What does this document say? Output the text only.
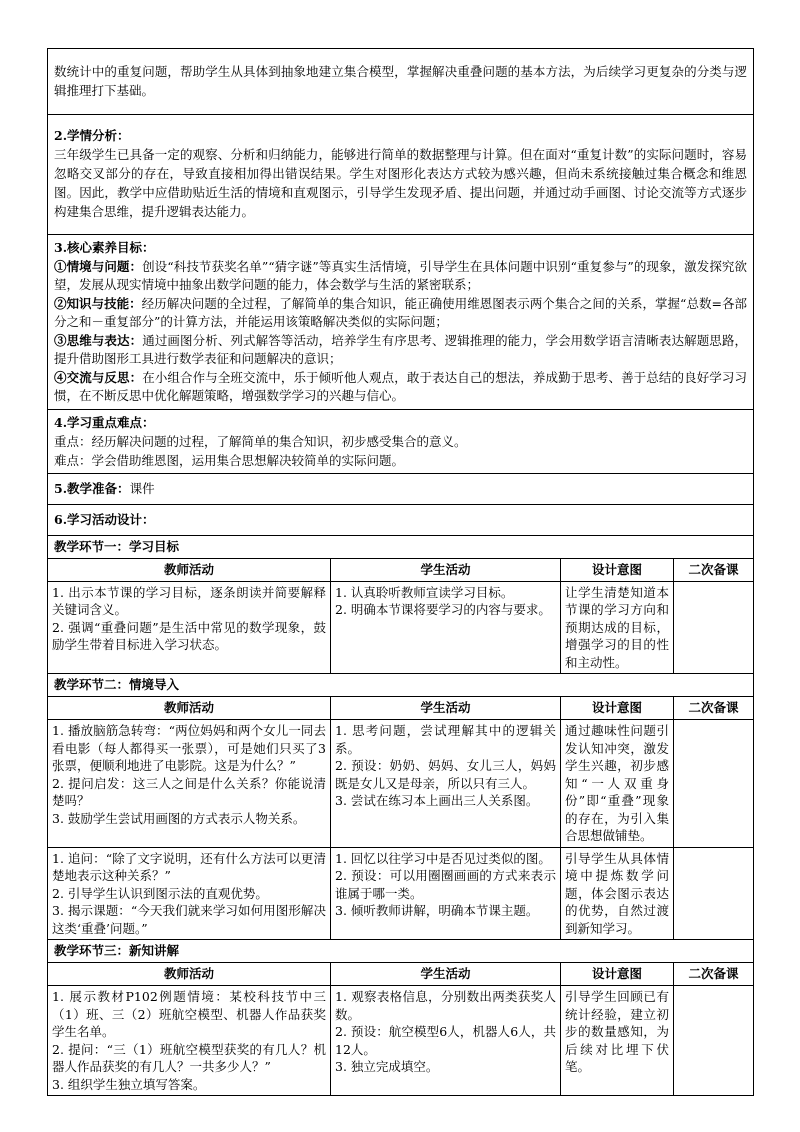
数统计中的重复问题，帮助学生从具体到抽象地建立集合模型，掌握解决重叠问题的基本方法，为后续学习更复杂的分类与逻辑推理打下基础。			

2.学情分析：
三年级学生已具备一定的观察、分析和归纳能力，能够进行简单的数据整理与计算。但在面对“重复计数”的实际问题时，容易忽略交叉部分的存在，导致直接相加得出错误结果。学生对图形化表达方式较为感兴趣，但尚未系统接触过集合概念和维恩图。因此，教学中应借助贴近生活的情境和直观图示，引导学生发现矛盾、提出问题，并通过动手画图、讨论交流等方式逐步构建集合思维，提升逻辑表达能力。			

3.核心素养目标：
①情境与问题：创设“科技节获奖名单”“猜字谜”等真实生活情境，引导学生在具体问题中识别“重复参与”的现象，激发探究欲望，发展从现实情境中抽象出数学问题的能力，体会数学与生活的紧密联系；
②知识与技能：经历解决问题的全过程，了解简单的集合知识，能正确使用维恩图表示两个集合之间的关系，掌握“总数=各部分之和－重复部分”的计算方法，并能运用该策略解决类似的实际问题；
③思维与表达：通过画图分析、列式解答等活动，培养学生有序思考、逻辑推理的能力，学会用数学语言清晰表达解题思路，提升借助图形工具进行数学表征和问题解决的意识；
④交流与反思：在小组合作与全班交流中，乐于倾听他人观点，敢于表达自己的想法，养成勤于思考、善于总结的良好学习习惯，在不断反思中优化解题策略，增强数学学习的兴趣与信心。			

4.学习重点难点：
重点：经历解决问题的过程，了解简单的集合知识，初步感受集合的意义。
难点：学会借助维恩图，运用集合思想解决较简单的实际问题。			

5.教学准备：课件			
6.学习活动设计：			
教学环节一：学习目标			
教师活动	学生活动	设计意图	二次备课

1. 出示本节课的学习目标，逐条朗读并简要解释关键词含义。
2. 强调“重叠问题”是生活中常见的数学现象，鼓励学生带着目标进入学习状态。	1. 认真聆听教师宣读学习目标。
2. 明确本节课将要学习的内容与要求。	让学生清楚知道本节课的学习方向和预期达成的目标，增强学习的目的性和主动性。	
教学环节二：情境导入			
教师活动	学生活动	设计意图	二次备课

1. 播放脑筋急转弯：“两位妈妈和两个女儿一同去看电影（每人都得买一张票），可是她们只买了3张票，便顺利地进了电影院。这是为什么？”
2. 提问启发：这三人之间是什么关系？你能说清楚吗？
3. 鼓励学生尝试用画图的方式表示人物关系。	1. 思考问题，尝试理解其中的逻辑关系。
2. 预设：奶奶、妈妈、女儿三人，妈妈既是女儿又是母亲，所以只有三人。
3. 尝试在练习本上画出三人关系图。	通过趣味性问题引发认知冲突，激发学生兴趣，初步感知“一人双重身份”即“重叠”现象的存在，为引入集合思想做铺垫。	

1. 追问：“除了文字说明，还有什么方法可以更清楚地表示这种关系？”
2. 引导学生认识到图示法的直观优势。
3. 揭示课题：“今天我们就来学习如何用图形解决这类‘重叠’问题。”	1. 回忆以往学习中是否见过类似的图。
2. 预设：可以用圈圈画画的方式来表示谁属于哪一类。
3. 倾听教师讲解，明确本节课主题。	引导学生从具体情境中提炼数学问题，体会图示表达的优势，自然过渡到新知学习。	
教学环节三：新知讲解			
教师活动	学生活动	设计意图	二次备课

1. 展示教材P102例题情境：某校科技节中三（1）班、三（2）班航空模型、机器人作品获奖学生名单。
2. 提问：“三（1）班航空模型获奖的有几人？机器人作品获奖的有几人？一共多少人？”
3. 组织学生独立填写答案。	1. 观察表格信息，分别数出两类获奖人数。
2. 预设：航空模型6人，机器人6人，共12人。
3. 独立完成填空。	引导学生回顾已有统计经验，建立初步的数量感知，为后续对比埋下伏笔。	
